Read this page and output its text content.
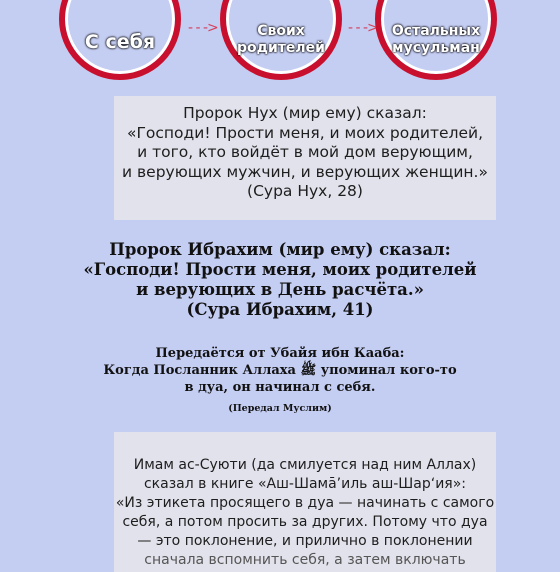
С себя
- - ->	Своих
родителей
- - -> Остальных
мусульман
Пророк Нух (мир ему) сказал:
«Господи! Прости меня, и моих родителей,
и того, кто войдёт в мой дом верующим,
и верующих мужчин, и верующих женщин.»
(Сура Нух, 28)
Пророк Ибрахим (мир ему) сказал:
«Господи! Прости меня, моих родителей
и верующих в День расчёта.»
(Сура Ибрахим, 41)
Передаётся от Убайя ибн Кааба:
Когда Посланник Аллаха ﷺ упоминал кого-то
в дуа, он начинал с себя.
(Передал Муслим)
Имам ас-Суюти (да смилуется над ним Аллах)
сказал в книге «Аш-Шамā’иль аш-Шар‘ия»:
«Из этикета просящего в дуа — начинать с самого
себя, а потом просить за других. Потому что дуа
— это поклонение, и прилично в поклонении
сначала вспомнить себя, а затем включать
